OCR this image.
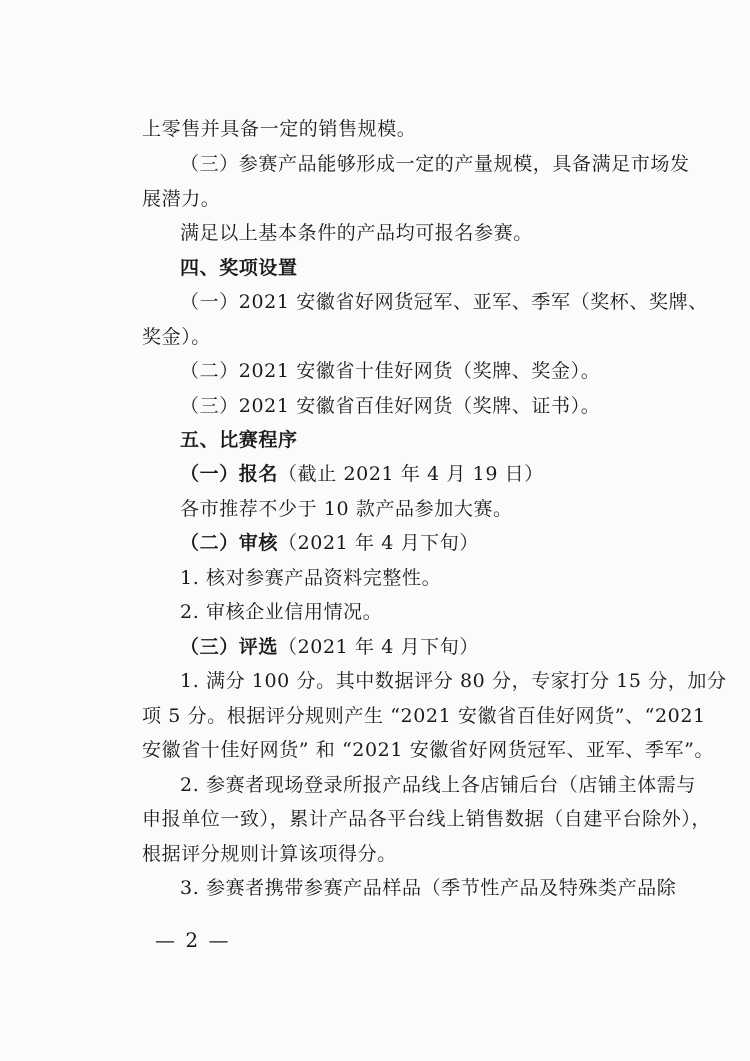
上零售并具备一定的销售规模。
（三）参赛产品能够形成一定的产量规模，具备满足市场发
展潜力。
满足以上基本条件的产品均可报名参赛。
四、奖项设置
（一）2021 安徽省好网货冠军、亚军、季军（奖杯、奖牌、
奖金）。
（二）2021 安徽省十佳好网货（奖牌、奖金）。
（三）2021 安徽省百佳好网货（奖牌、证书）。
五、比赛程序
（一）报名（截止 2021 年 4 月 19 日）
各市推荐不少于 10 款产品参加大赛。
（二）审核（2021 年 4 月下旬）
1. 核对参赛产品资料完整性。
2. 审核企业信用情况。
（三）评选（2021 年 4 月下旬）
1. 满分 100 分。其中数据评分 80 分，专家打分 15 分，加分
项 5 分。根据评分规则产生 “2021 安徽省百佳好网货”、“2021
安徽省十佳好网货” 和 “2021 安徽省好网货冠军、亚军、季军”。
2. 参赛者现场登录所报产品线上各店铺后台（店铺主体需与
申报单位一致），累计产品各平台线上销售数据（自建平台除外），
根据评分规则计算该项得分。
3. 参赛者携带参赛产品样品（季节性产品及特殊类产品除
— 2 —
